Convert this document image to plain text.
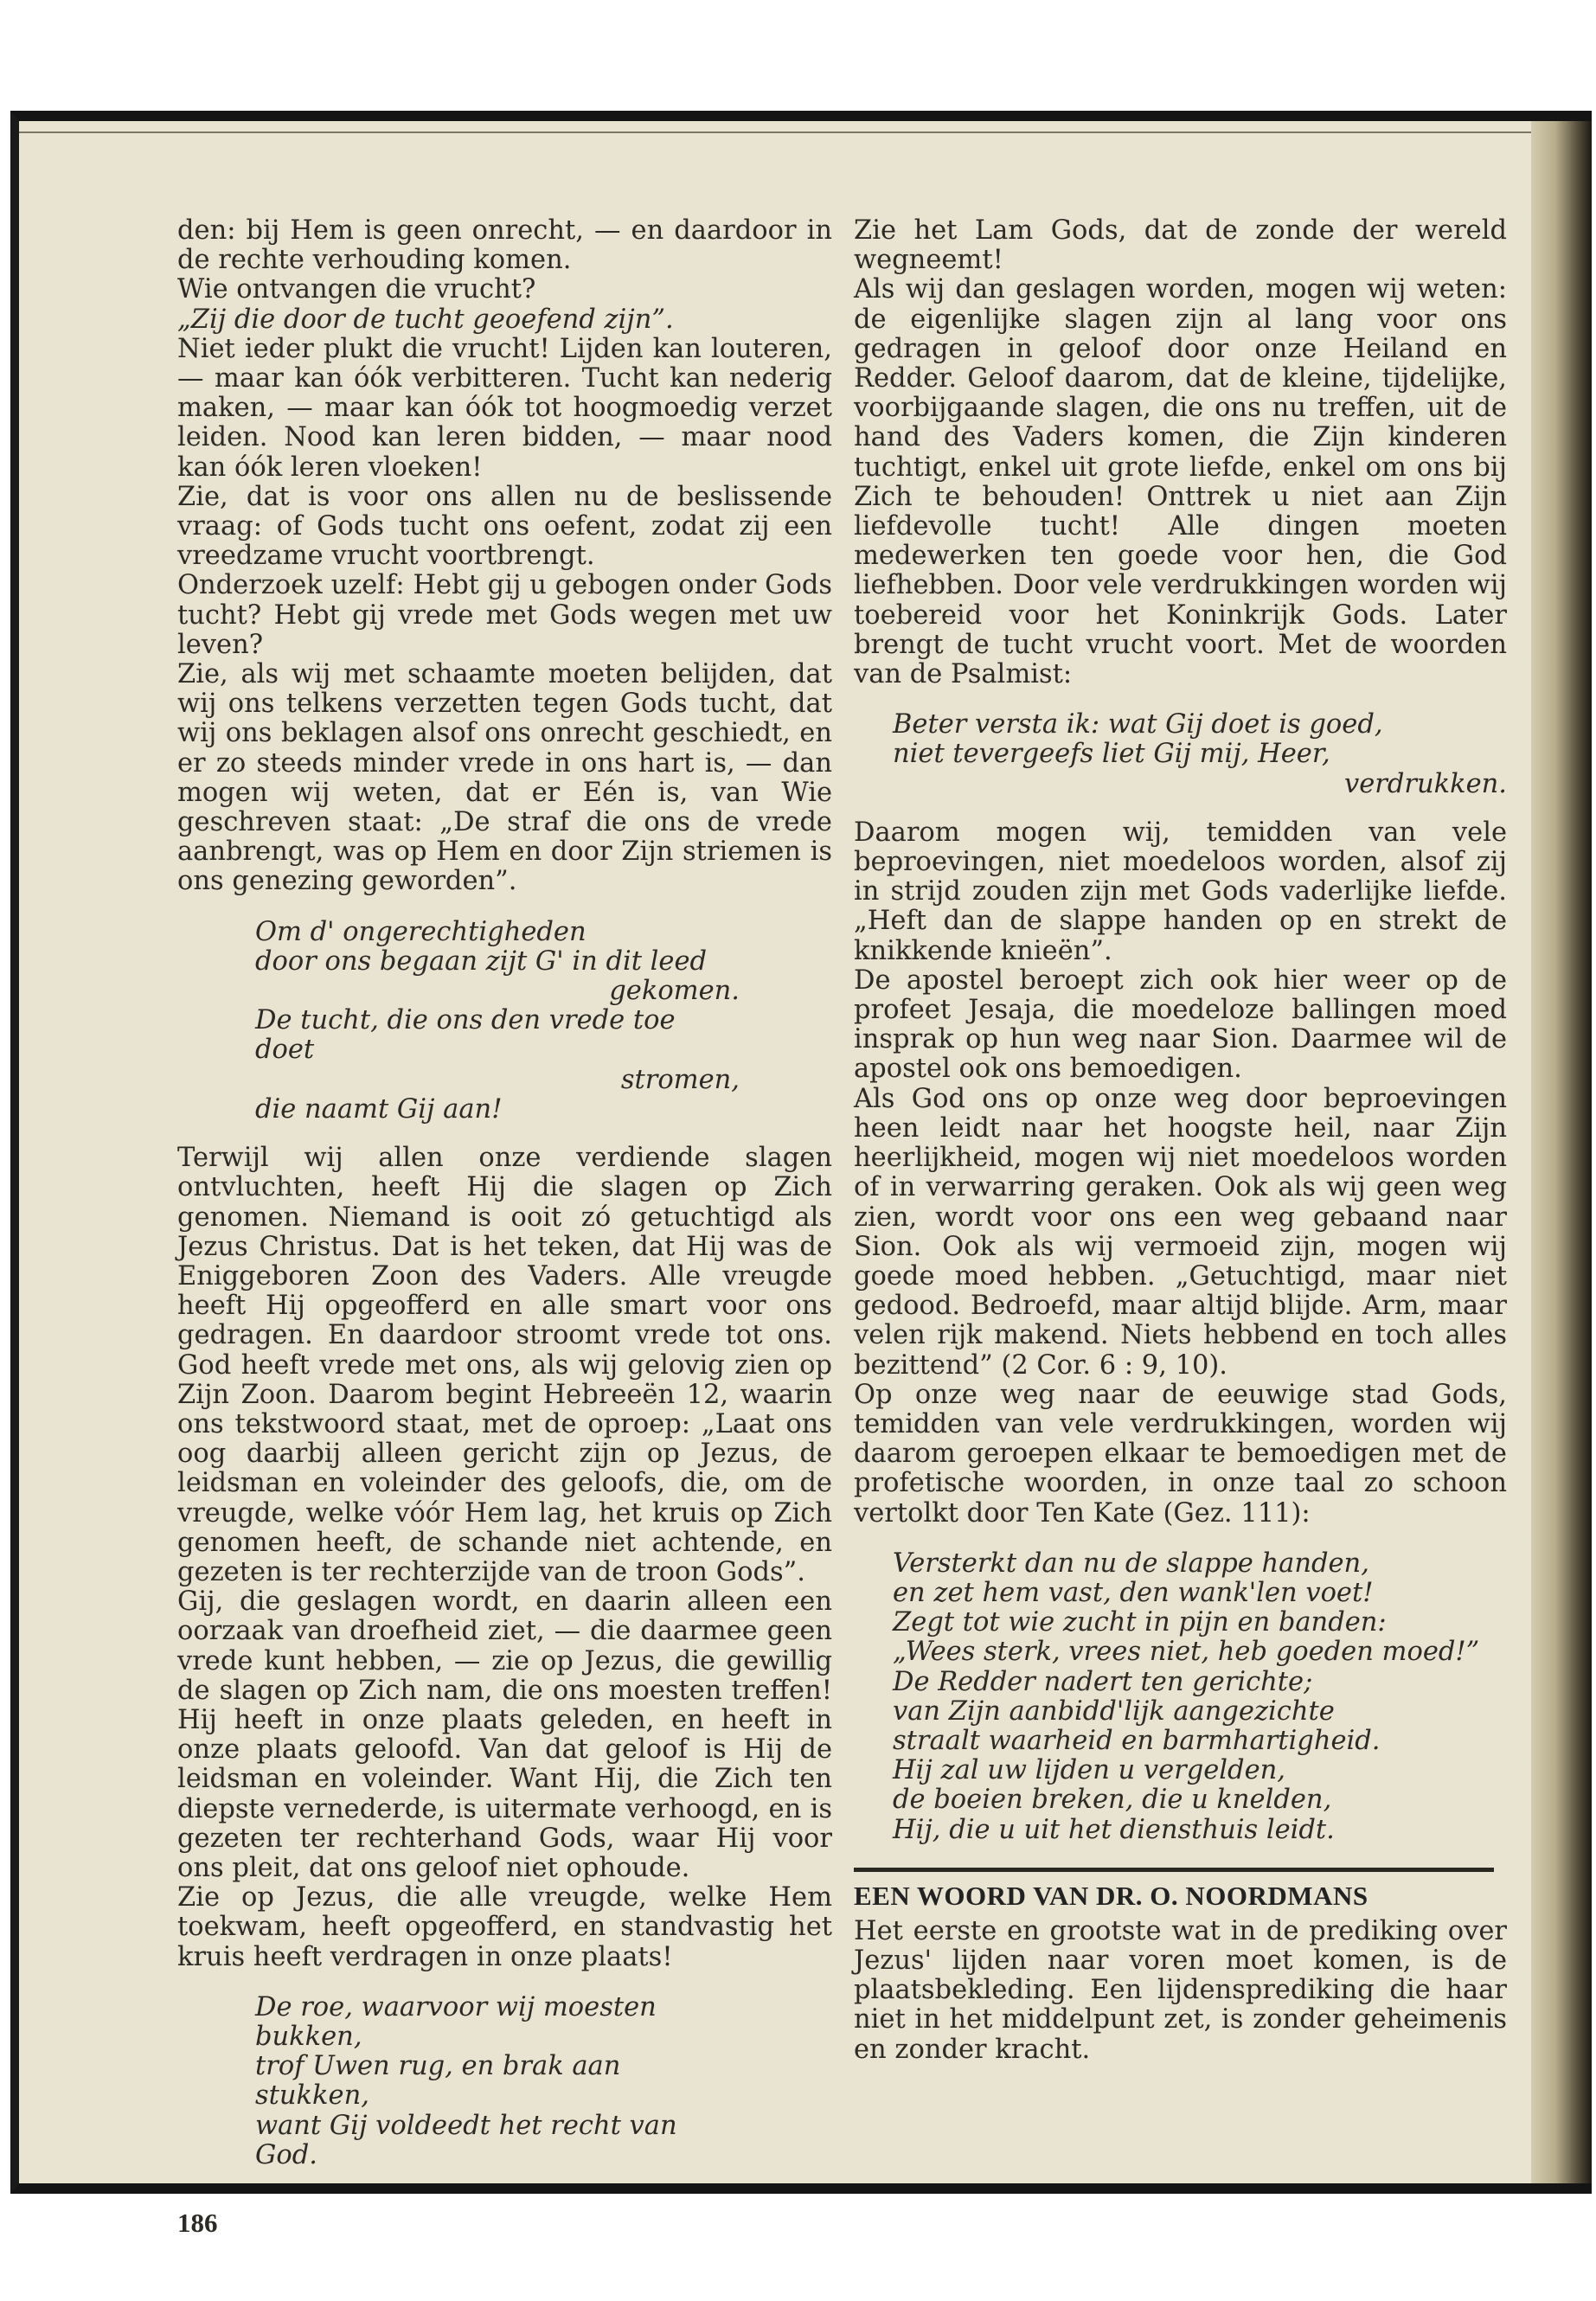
den: bij Hem is geen onrecht, — en daardoor in de rechte verhouding komen.

Wie ontvangen die vrucht?

„Zij die door de tucht geoefend zijn”.

Niet ieder plukt die vrucht! Lijden kan louteren, — maar kan óók verbitteren. Tucht kan nederig maken, — maar kan óók tot hoogmoedig verzet leiden. Nood kan leren bidden, — maar nood kan óók leren vloeken!

Zie, dat is voor ons allen nu de beslissende vraag: of Gods tucht ons oefent, zodat zij een vreedzame vrucht voortbrengt.

Onderzoek uzelf: Hebt gij u gebogen onder Gods tucht? Hebt gij vrede met Gods wegen met uw leven?

Zie, als wij met schaamte moeten belijden, dat wij ons telkens verzetten tegen Gods tucht, dat wij ons beklagen alsof ons onrecht geschiedt, en er zo steeds minder vrede in ons hart is, — dan mogen wij weten, dat er Eén is, van Wie geschreven staat: „De straf die ons de vrede aanbrengt, was op Hem en door Zijn striemen is ons genezing geworden”.

Om d' ongerechtigheden
door ons begaan zijt G' in dit leed
gekomen.
De tucht, die ons den vrede toe doet
stromen,
die naamt Gij aan!

Terwijl wij allen onze verdiende slagen ontvluchten, heeft Hij die slagen op Zich genomen. Niemand is ooit zó getuchtigd als Jezus Christus. Dat is het teken, dat Hij was de Eniggeboren Zoon des Vaders. Alle vreugde heeft Hij opgeofferd en alle smart voor ons gedragen. En daardoor stroomt vrede tot ons. God heeft vrede met ons, als wij gelovig zien op Zijn Zoon. Daarom begint Hebreeën 12, waarin ons tekstwoord staat, met de oproep: „Laat ons oog daarbij alleen gericht zijn op Jezus, de leidsman en voleinder des geloofs, die, om de vreugde, welke vóór Hem lag, het kruis op Zich genomen heeft, de schande niet achtende, en gezeten is ter rechterzijde van de troon Gods”.

Gij, die geslagen wordt, en daarin alleen een oorzaak van droefheid ziet, — die daarmee geen vrede kunt hebben, — zie op Jezus, die gewillig de slagen op Zich nam, die ons moesten treffen! Hij heeft in onze plaats geleden, en heeft in onze plaats geloofd. Van dat geloof is Hij de leidsman en voleinder. Want Hij, die Zich ten diepste vernederde, is uitermate verhoogd, en is gezeten ter rechterhand Gods, waar Hij voor ons pleit, dat ons geloof niet ophoude.

Zie op Jezus, die alle vreugde, welke Hem toekwam, heeft opgeofferd, en standvastig het kruis heeft verdragen in onze plaats!

De roe, waarvoor wij moesten bukken,
trof Uwen rug, en brak aan stukken,
want Gij voldeedt het recht van God.

Zie het Lam Gods, dat de zonde der wereld wegneemt!

Als wij dan geslagen worden, mogen wij weten: de eigenlijke slagen zijn al lang voor ons gedragen in geloof door onze Heiland en Redder. Geloof daarom, dat de kleine, tijdelijke, voorbijgaande slagen, die ons nu treffen, uit de hand des Vaders komen, die Zijn kinderen tuchtigt, enkel uit grote liefde, enkel om ons bij Zich te behouden! Onttrek u niet aan Zijn liefdevolle tucht! Alle dingen moeten medewerken ten goede voor hen, die God liefhebben. Door vele verdrukkingen worden wij toebereid voor het Koninkrijk Gods. Later brengt de tucht vrucht voort. Met de woorden van de Psalmist:

Beter versta ik: wat Gij doet is goed,
niet tevergeefs liet Gij mij, Heer,
verdrukken.

Daarom mogen wij, temidden van vele beproevingen, niet moedeloos worden, alsof zij in strijd zouden zijn met Gods vaderlijke liefde. „Heft dan de slappe handen op en strekt de knikkende knieën”.

De apostel beroept zich ook hier weer op de profeet Jesaja, die moedeloze ballingen moed insprak op hun weg naar Sion. Daarmee wil de apostel ook ons bemoedigen.

Als God ons op onze weg door beproevingen heen leidt naar het hoogste heil, naar Zijn heerlijkheid, mogen wij niet moedeloos worden of in verwarring geraken. Ook als wij geen weg zien, wordt voor ons een weg gebaand naar Sion. Ook als wij vermoeid zijn, mogen wij goede moed hebben. „Getuchtigd, maar niet gedood. Bedroefd, maar altijd blijde. Arm, maar velen rijk makend. Niets hebbend en toch alles bezittend” (2 Cor. 6 : 9, 10).

Op onze weg naar de eeuwige stad Gods, temidden van vele verdrukkingen, worden wij daarom geroepen elkaar te bemoedigen met de profetische woorden, in onze taal zo schoon vertolkt door Ten Kate (Gez. 111):

Versterkt dan nu de slappe handen,
en zet hem vast, den wank'len voet!
Zegt tot wie zucht in pijn en banden:
„Wees sterk, vrees niet, heb goeden moed!”
De Redder nadert ten gerichte;
van Zijn aanbidd'lijk aangezichte
straalt waarheid en barmhartigheid.
Hij zal uw lijden u vergelden,
de boeien breken, die u knelden,
Hij, die u uit het diensthuis leidt.
EEN WOORD VAN DR. O. NOORDMANS

Het eerste en grootste wat in de prediking over Jezus' lijden naar voren moet komen, is de plaatsbekleding. Een lijdensprediking die haar niet in het middelpunt zet, is zonder geheimenis en zonder kracht.

186
